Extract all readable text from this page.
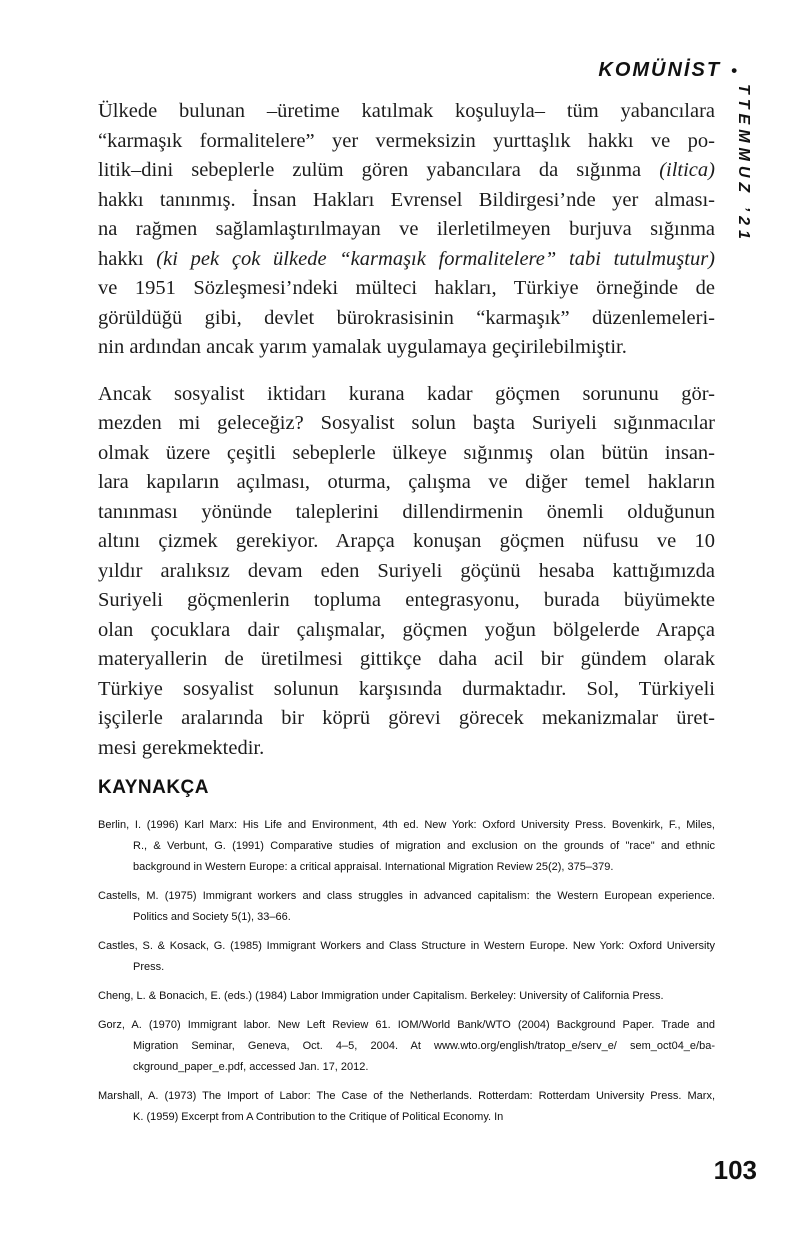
KOMÜNİST •
TTEMMUZ ’21

Ülkede bulunan –üretime katılmak koşuluyla– tüm yabancılara
“karmaşık formalitelere” yer vermeksizin yurttaşlık hakkı ve po-
litik–dini sebeplerle zulüm gören yabancılara da sığınma (iltica)
hakkı tanınmış. İnsan Hakları Evrensel Bildirgesi’nde yer alması-
na rağmen sağlamlaştırılmayan ve ilerletilmeyen burjuva sığınma
hakkı (ki pek çok ülkede “karmaşık formalitelere” tabi tutulmuştur)
ve 1951 Sözleşmesi’ndeki mülteci hakları, Türkiye örneğinde de
görüldüğü gibi, devlet bürokrasisinin “karmaşık” düzenlemeleri-
nin ardından ancak yarım yamalak uygulamaya geçirilebilmiştir.

Ancak sosyalist iktidarı kurana kadar göçmen sorununu gör-
mezden mi geleceğiz? Sosyalist solun başta Suriyeli sığınmacılar
olmak üzere çeşitli sebeplerle ülkeye sığınmış olan bütün insan-
lara kapıların açılması, oturma, çalışma ve diğer temel hakların
tanınması yönünde taleplerini dillendirmenin önemli olduğunun
altını çizmek gerekiyor. Arapça konuşan göçmen nüfusu ve 10
yıldır aralıksız devam eden Suriyeli göçünü hesaba kattığımızda
Suriyeli göçmenlerin topluma entegrasyonu, burada büyümekte
olan çocuklara dair çalışmalar, göçmen yoğun bölgelerde Arapça
materyallerin de üretilmesi gittikçe daha acil bir gündem olarak
Türkiye sosyalist solunun karşısında durmaktadır. Sol, Türkiyeli
işçilerle aralarında bir köprü görevi görecek mekanizmalar üret-
mesi gerekmektedir.

KAYNAKÇA
Berlin, I. (1996) Karl Marx: His Life and Environment, 4th ed. New York: Oxford University Press. Bovenkirk, F., Miles,
R., & Verbunt, G. (1991) Comparative studies of migration and exclusion on the grounds of "race" and ethnic
background in Western Europe: a critical appraisal. International Migration Review 25(2), 375–379.
Castells, M. (1975) Immigrant workers and class struggles in advanced capitalism: the Western European experience.
Politics and Society 5(1), 33–66.
Castles, S. & Kosack, G. (1985) Immigrant Workers and Class Structure in Western Europe. New York: Oxford University
Press.
Cheng, L. & Bonacich, E. (eds.) (1984) Labor Immigration under Capitalism. Berkeley: University of California Press.
Gorz, A. (1970) Immigrant labor. New Left Review 61. IOM/World Bank/WTO (2004) Background Paper. Trade and
Migration Seminar, Geneva, Oct. 4–5, 2004. At www.wto.org/english/tratop_e/serv_e/ sem_oct04_e/ba-
ckground_paper_e.pdf, accessed Jan. 17, 2012.
Marshall, A. (1973) The Import of Labor: The Case of the Netherlands. Rotterdam: Rotterdam University Press. Marx,
K. (1959) Excerpt from A Contribution to the Critique of Political Economy. In
103
